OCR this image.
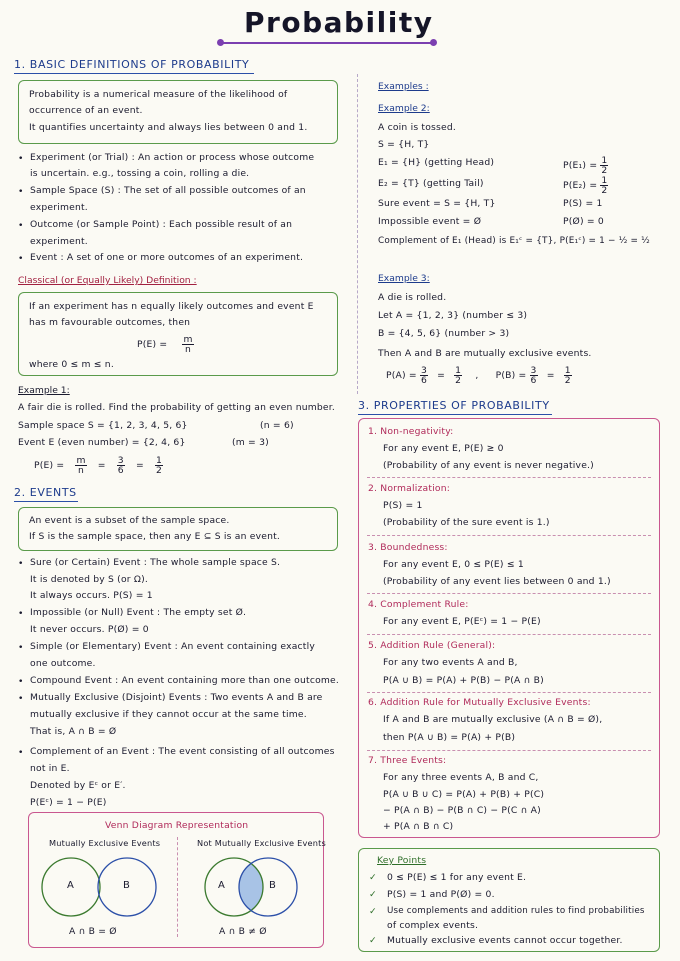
Probability
1. BASIC DEFINITIONS OF PROBABILITY
Probability is a numerical measure of the likelihood of
occurrence of an event.
It quantifies uncertainty and always lies between 0 and 1.
• Experiment (or Trial) : An action or process whose outcome
is uncertain. e.g., tossing a coin, rolling a die.
• Sample Space (S) : The set of all possible outcomes of an
experiment.
• Outcome (or Sample Point) : Each possible result of an
experiment.
• Event : A set of one or more outcomes of an experiment.
Classical (or Equally Likely) Definition :
If an experiment has n equally likely outcomes and event E
has m favourable outcomes, then
$P(E) = \frac{m}{n}$
where 0 ≤ m ≤ n.
Example 1:
A fair die is rolled. Find the probability of getting an even number.
Sample space S = {1, 2, 3, 4, 5, 6}	(n = 6)
Event E (even number) = {2, 4, 6}	(m = 3)
$P(E) = \frac{m}{n} = \frac{3}{6} = \frac{1}{2}$
2. EVENTS
An event is a subset of the sample space.
If S is the sample space, then any E ⊆ S is an event.
• Sure (or Certain) Event : The whole sample space S.
It is denoted by S (or Ω).
It always occurs. P(S) = 1
• Impossible (or Null) Event : The empty set Ø.
It never occurs. P(Ø) = 0
• Simple (or Elementary) Event : An event containing exactly
one outcome.
• Compound Event : An event containing more than one outcome.
• Mutually Exclusive (Disjoint) Events : Two events A and B are
mutually exclusive if they cannot occur at the same time.
That is, A ∩ B = Ø
• Complement of an Event : The event consisting of all outcomes
not in E.
Denoted by Eᶜ or E′.
P(Eᶜ) = 1 − P(E)
Venn Diagram Representation
Mutually Exclusive Events	Not Mutually Exclusive Events
A	B	A	B
A ∩ B = Ø	A ∩ B ≠ Ø
Examples :
Example 2:
A coin is tossed.
S = {H, T}
E₁ = {H} (getting Head)	$P(E_1) = \frac{1}{2}$
E₂ = {T} (getting Tail)	$P(E_2) = \frac{1}{2}$
Sure event = S = {H, T}	P(S) = 1
Impossible event = Ø	P(Ø) = 0
Complement of E₁ (Head) is E₁ᶜ = {T}, P(E₁ᶜ) = 1 − ½ = ½
Example 3:
A die is rolled.
Let A = {1, 2, 3} (number ≤ 3)
B = {4, 5, 6} (number > 3)
Then A and B are mutually exclusive events.
$P(A) = \frac{3}{6} = \frac{1}{2}$ , $P(B) = \frac{3}{6} = \frac{1}{2}$
3. PROPERTIES OF PROBABILITY
1. Non-negativity:
For any event E, P(E) ≥ 0
(Probability of any event is never negative.)
2. Normalization:
P(S) = 1
(Probability of the sure event is 1.)
3. Boundedness:
For any event E, 0 ≤ P(E) ≤ 1
(Probability of any event lies between 0 and 1.)
4. Complement Rule:
For any event E, P(Eᶜ) = 1 − P(E)
5. Addition Rule (General):
For any two events A and B,
P(A ∪ B) = P(A) + P(B) − P(A ∩ B)
6. Addition Rule for Mutually Exclusive Events:
If A and B are mutually exclusive (A ∩ B = Ø),
then P(A ∪ B) = P(A) + P(B)
7. Three Events:
For any three events A, B and C,
P(A ∪ B ∪ C) = P(A) + P(B) + P(C)
− P(A ∩ B) − P(B ∩ C) − P(C ∩ A)
+ P(A ∩ B ∩ C)
Key Points
✓ 0 ≤ P(E) ≤ 1 for any event E.
✓ P(S) = 1 and P(Ø) = 0.
✓ Use complements and addition rules to find probabilities
of complex events.
✓ Mutually exclusive events cannot occur together.
